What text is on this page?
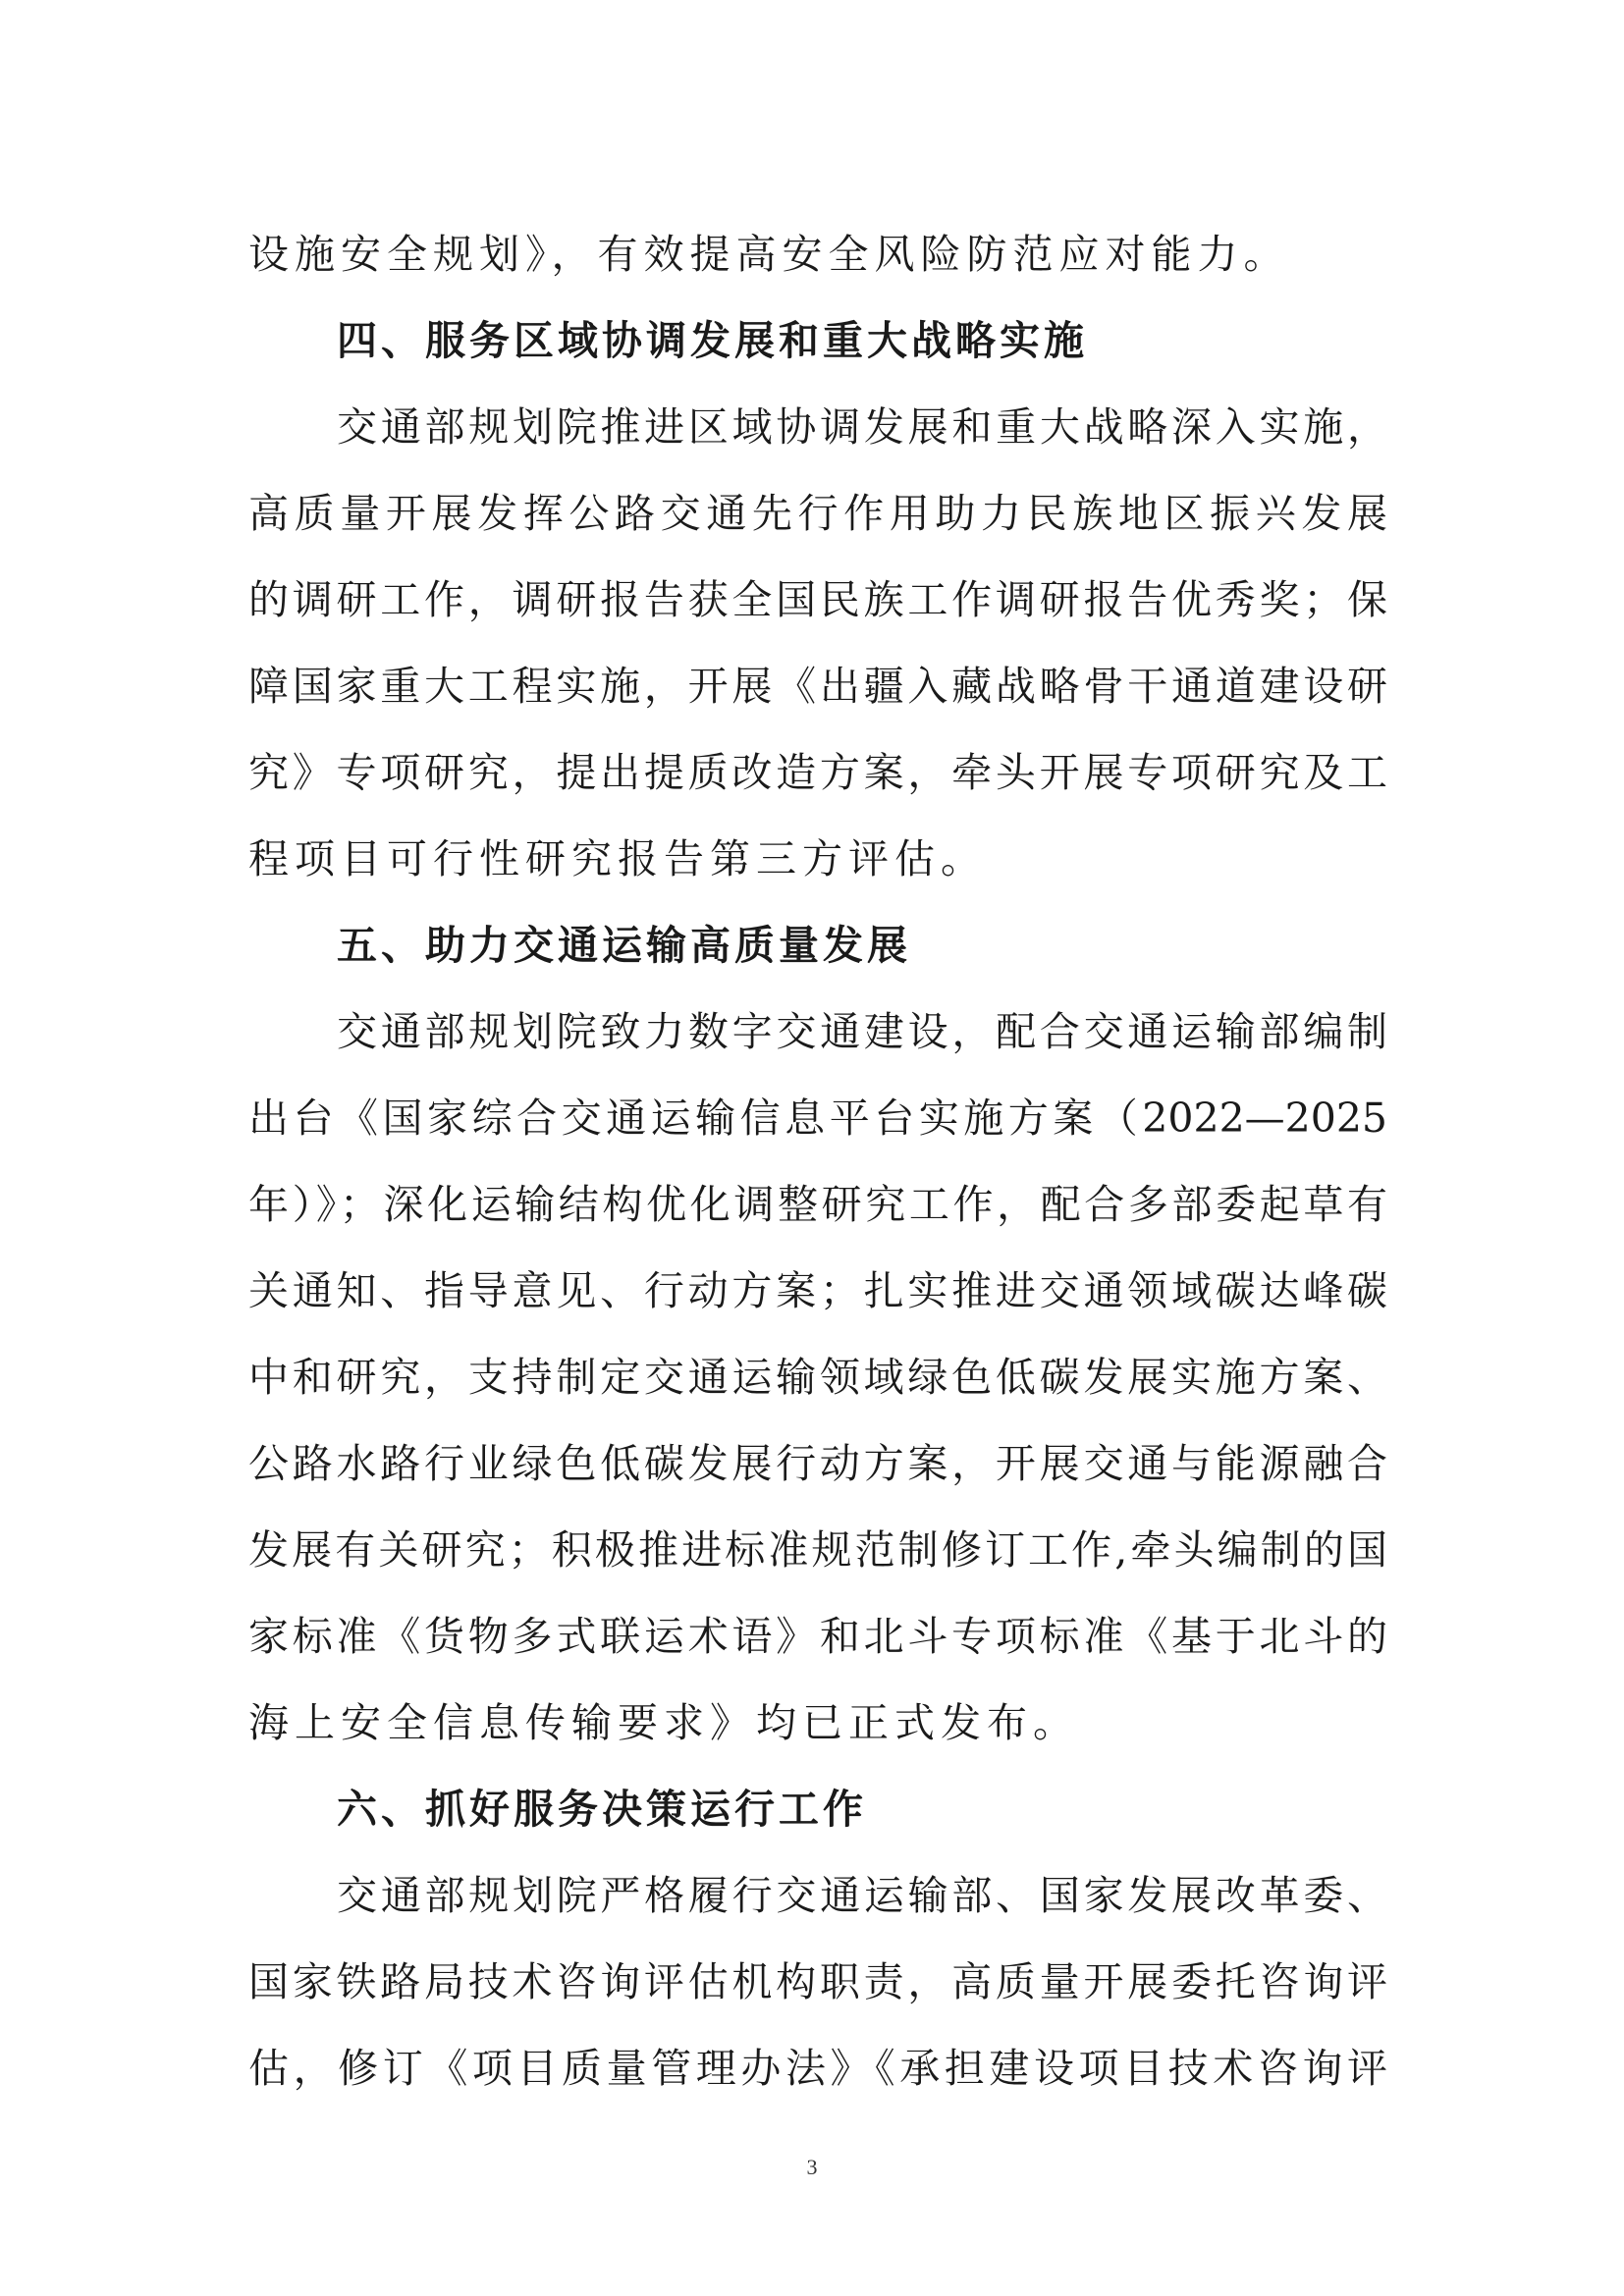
设施安全规划》，有效提高安全风险防范应对能力。
四、服务区域协调发展和重大战略实施
交通部规划院推进区域协调发展和重大战略深入实施，
高质量开展发挥公路交通先行作用助力民族地区振兴发展
的调研工作，调研报告获全国民族工作调研报告优秀奖；保
障国家重大工程实施，开展《出疆入藏战略骨干通道建设研
究》专项研究，提出提质改造方案，牵头开展专项研究及工
程项目可行性研究报告第三方评估。
五、助力交通运输高质量发展
交通部规划院致力数字交通建设，配合交通运输部编制
出台《国家综合交通运输信息平台实施方案（2022—2025
年）》；深化运输结构优化调整研究工作，配合多部委起草有
关通知、指导意见、行动方案；扎实推进交通领域碳达峰碳
中和研究，支持制定交通运输领域绿色低碳发展实施方案、
公路水路行业绿色低碳发展行动方案，开展交通与能源融合
发展有关研究；积极推进标准规范制修订工作,牵头编制的国
家标准《货物多式联运术语》和北斗专项标准《基于北斗的
海上安全信息传输要求》均已正式发布。
六、抓好服务决策运行工作
交通部规划院严格履行交通运输部、国家发展改革委、
国家铁路局技术咨询评估机构职责，高质量开展委托咨询评
估，修订《项目质量管理办法》《承担建设项目技术咨询评
3
